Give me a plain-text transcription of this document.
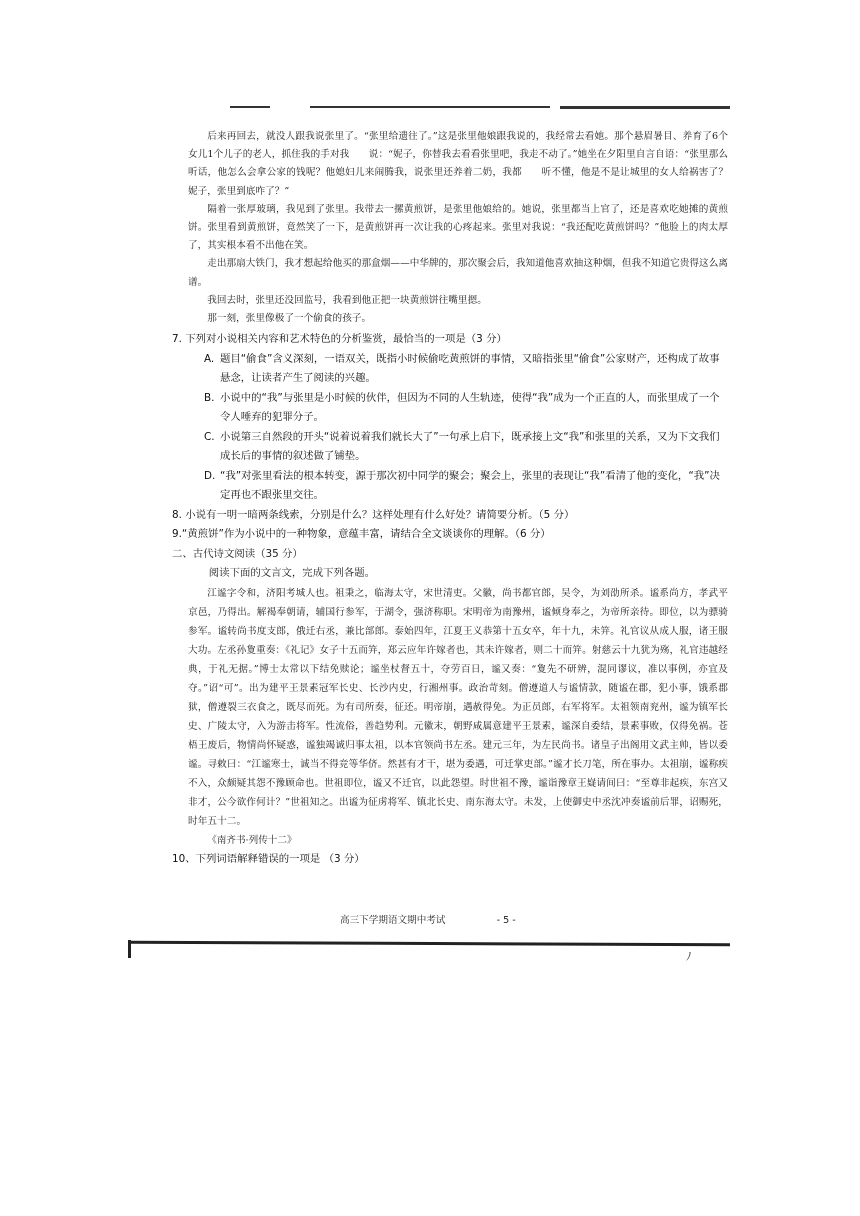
后来再回去，就没人跟我说张里了。“张里给遗往了。”这是张里他娘跟我说的，我经常去看她。那个悬眉暑目、养育了6个女儿1个儿子的老人，抓住我的手对我　　说：“妮子，你替我去看看张里吧，我走不动了。”她坐在夕阳里自言自语：“张里那么听话，他怎么会拿公家的钱呢？他媳妇儿来闹腾我，说张里还养着二奶，我都　　听不懂，他是不是让城里的女人给祸害了？妮子，张里到底咋了？”

隔着一张厚玻璃，我见到了张里。我带去一摞黄煎饼，是张里他娘给的。她说，张里都当上官了，还是喜欢吃她摊的黄煎饼。张里看到黄煎饼，竟然笑了一下，是黄煎饼再一次让我的心疼起来。张里对我说：“我还配吃黄煎饼吗？”他脸上的肉太厚了，其实根本看不出他在笑。

走出那扇大铁门，我才想起给他买的那盒烟——中华牌的，那次聚会后，我知道他喜欢抽这种烟，但我不知道它贵得这么离谱。

我回去时，张里还没回监号，我看到他正把一块黄煎饼往嘴里摁。

那一刻，张里像极了一个偷食的孩子。

7. 下列对小说相关内容和艺术特色的分析鉴赏，最恰当的一项是（3 分）

A. 题目“偷食”含义深刻，一语双关，既指小时候偷吃黄煎饼的事情，又暗指张里“偷食”公家财产，还构成了故事悬念，让读者产生了阅读的兴趣。

B. 小说中的“我”与张里是小时候的伙伴，但因为不同的人生轨迹，使得“我”成为一个正直的人，而张里成了一个令人唾弃的犯罪分子。

C. 小说第三自然段的开头“说着说着我们就长大了”一句承上启下，既承接上文“我”和张里的关系，又为下文我们成长后的事情的叙述做了铺垫。

D. “我”对张里看法的根本转变，源于那次初中同学的聚会；聚会上，张里的表现让“我”看清了他的变化，“我”决定再也不跟张里交往。

8. 小说有一明一暗两条线索，分别是什么？这样处理有什么好处？请简要分析。（5 分）

9.“黄煎饼”作为小说中的一种物象，意蕴丰富，请结合全文谈谈你的理解。（6 分）

二、古代诗文阅读（35 分）

阅读下面的文言文，完成下列各题。

江谧字令和，济阳考城人也。祖秉之，临海太守，宋世清吏。父徽，尚书都官郎，吴令，为刘劭所杀。谧系尚方，孝武平京邑，乃得出。解褐奉朝请，辅国行参军，于湖令，强济称职。宋明帝为南豫州，谧倾身奉之，为帝所亲待。即位，以为骠骑参军。谧转尚书度支郎，俄迁右丞，兼比部郎。泰始四年，江夏王义恭第十五女卒，年十九，未笄。礼官议从成人服，诸王服大功。左丞孙夐重奏：《礼记》女子十五而笄，郑云应年许嫁者也，其未许嫁者，则二十而笄。射慈云十九犹为殇，礼官违越经典，于礼无据。”博士太常以下结免赎论；谧坐杖督五十，夺劳百日，谧又奏：“夐先不研辨，混同谬议，准以事例，亦宜及夺。”诏“可”。出为建平王景素冠军长史、长沙内史，行湘州事。政治苛刻。僧遵道人与谧情款，随谧在郡，犯小事，饿系郡狱，僧遵裂三衣食之，既尽而死。为有司所奏，征还。明帝崩，遇赦得免。为正员郎，右军将军。太祖领南兖州，谧为镇军长史、广陵太守，入为游击将军。性流俗，善趋势利。元徽末，朝野咸属意建平王景素，谧深自委结，景素事败，仅得免祸。苍梧王废后，物情尚怀疑惑，谧独竭诚归事太祖，以本官领尚书左丞。建元三年，为左民尚书。诸皇子出阁用文武主帅，皆以委谧。寻敕曰：“江谧寒士，诚当不得竞等华侪。然甚有才干，堪为委遇，可迁掌吏部。”谧才长刀笔，所在事办。太祖崩，谧称疾不入，众颇疑其怨不豫顾命也。世祖即位，谧又不迁官，以此怨望。时世祖不豫，谧诣豫章王嶷请间曰：“至尊非起疾，东宫又非才，公今欲作何计？”世祖知之。出谧为征虏将军、镇北长史、南东海太守。未发，上使御史中丞沈冲奏谧前后罪，诏赐死，时年五十二。

《南齐书·列传十二》

10、下列词语解释错误的一项是 （3 分）

高三下学期语文期中考试	- 5 -
ﾉ
